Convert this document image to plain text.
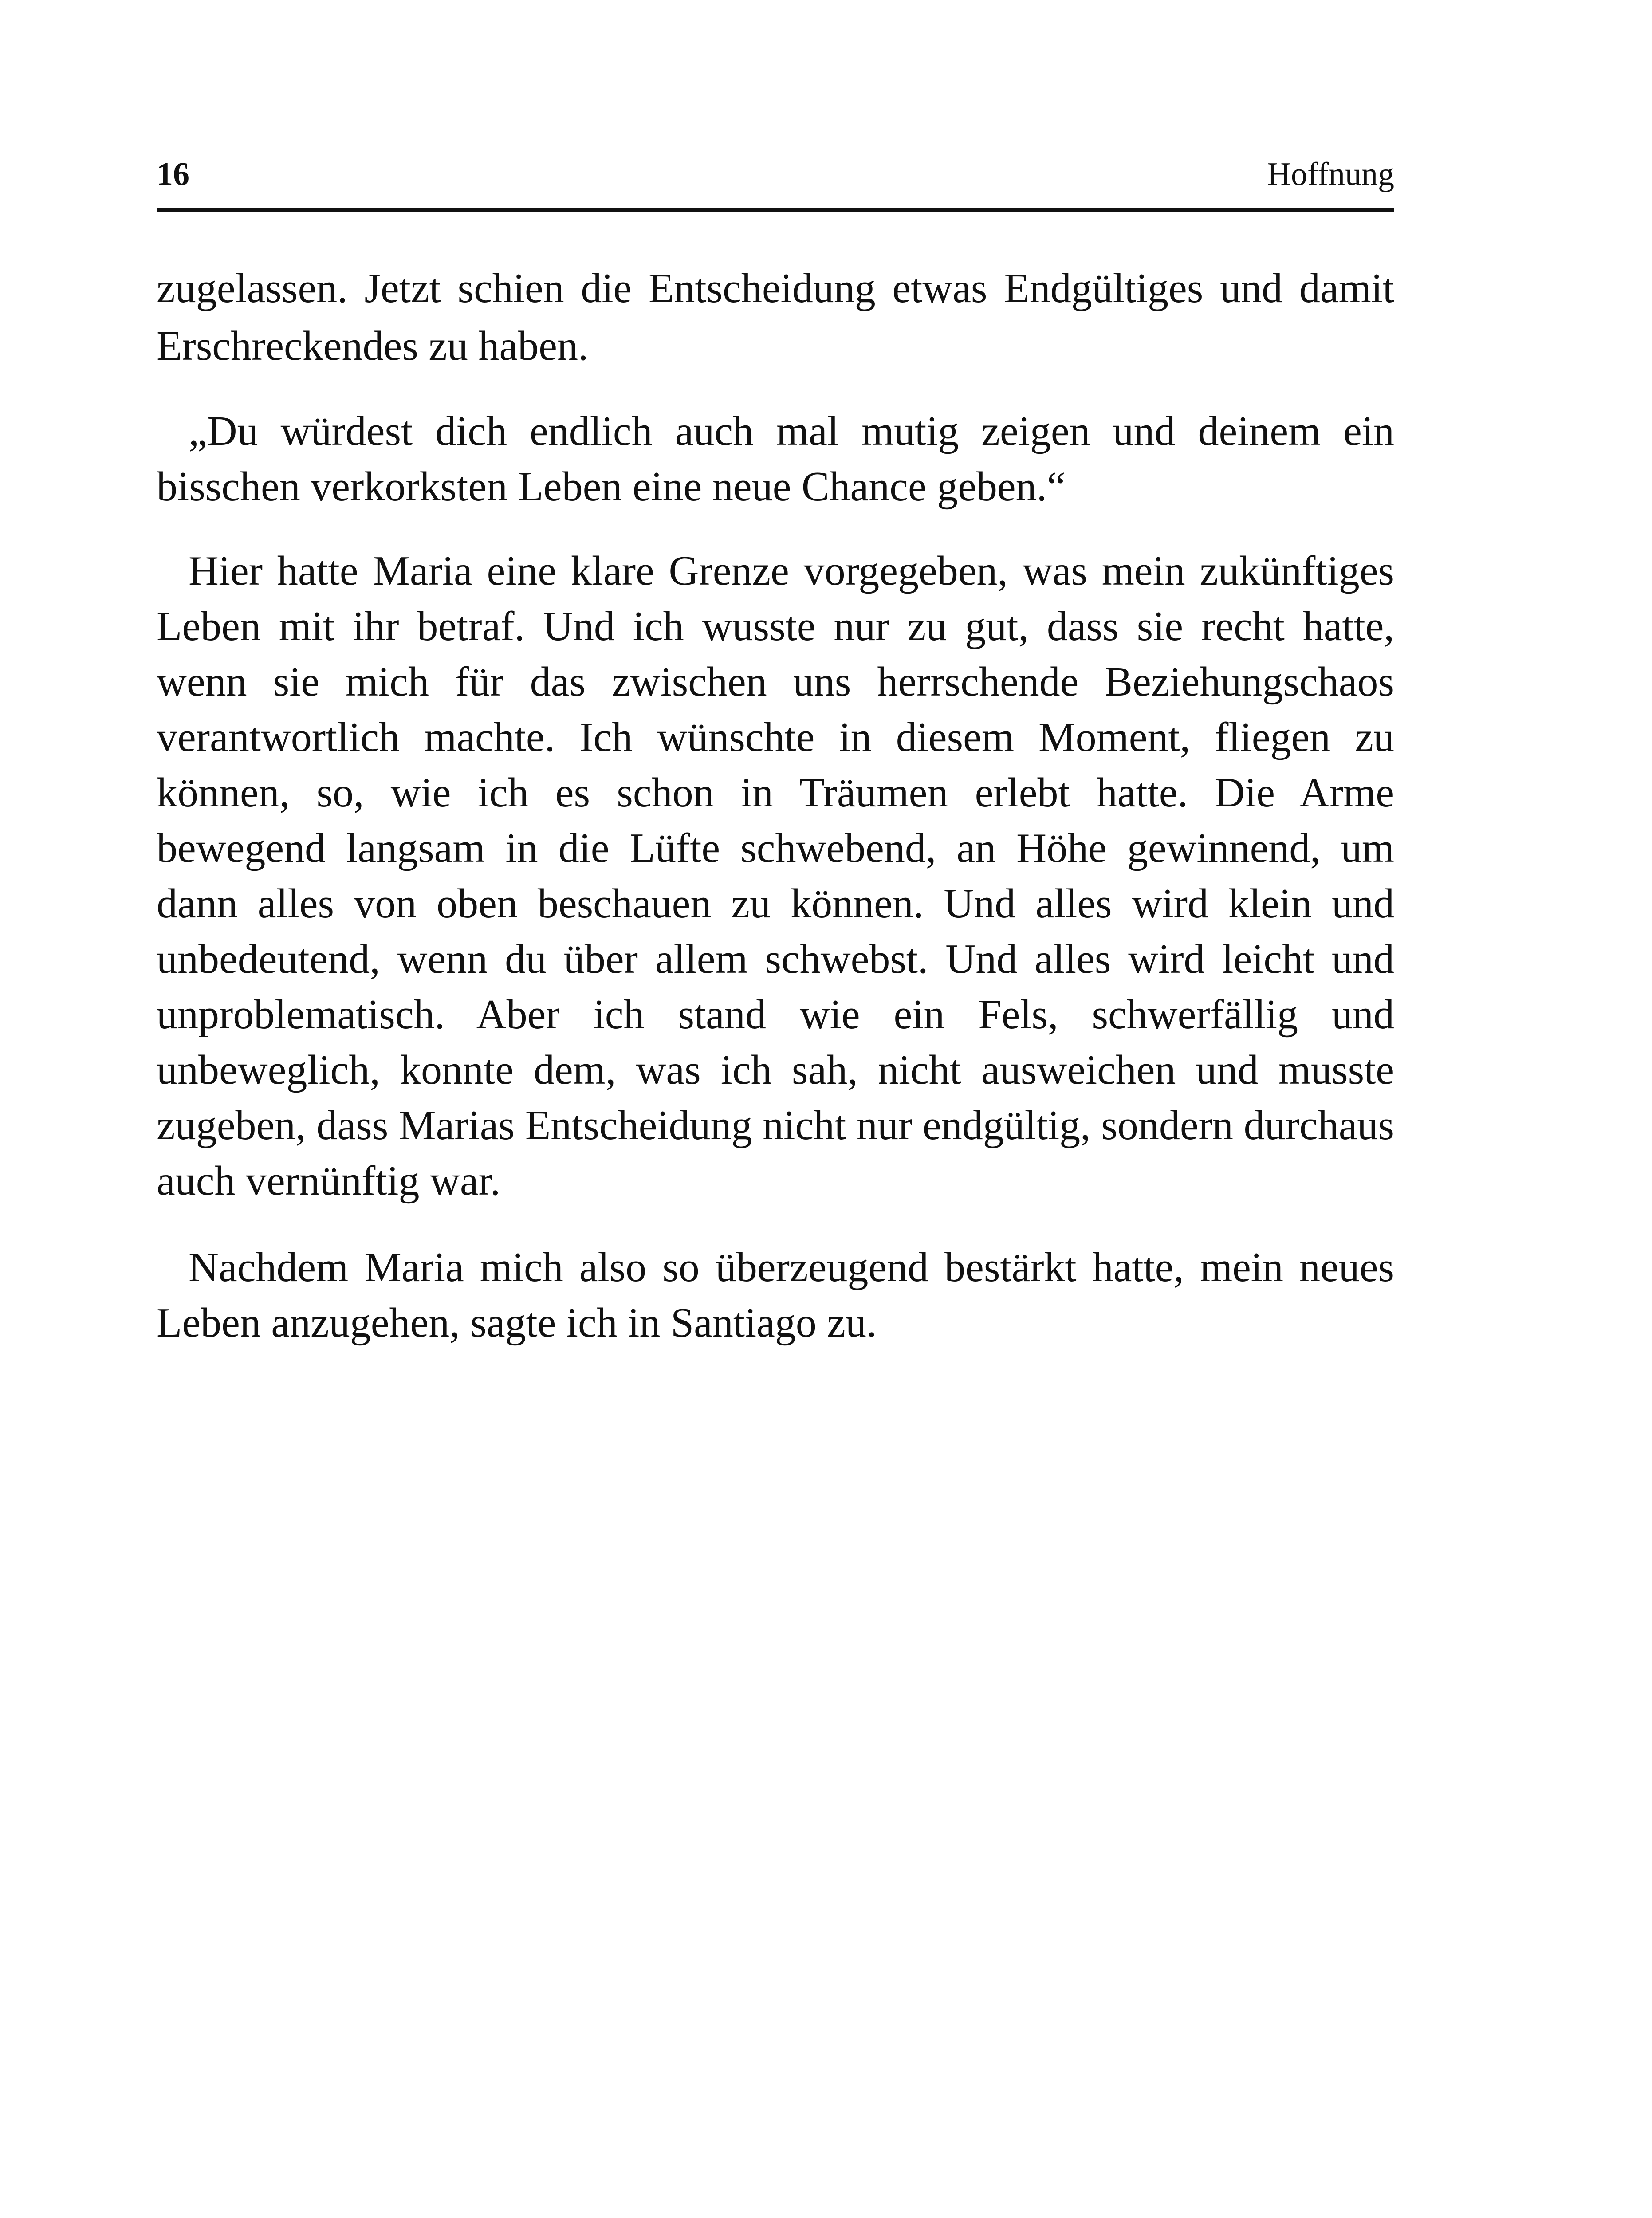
16	Hoffnung

zugelassen. Jetzt schien die Entscheidung etwas Endgültiges und damit Erschreckendes zu haben.

„Du würdest dich endlich auch mal mutig zeigen und deinem ein bisschen verkorksten Leben eine neue Chance geben.“

Hier hatte Maria eine klare Grenze vorgegeben, was mein zukünftiges Leben mit ihr betraf. Und ich wusste nur zu gut, dass sie recht hatte, wenn sie mich für das zwischen uns herrschende Beziehungschaos verantwortlich machte. Ich wünschte in diesem Moment, fliegen zu können, so, wie ich es schon in Träumen erlebt hatte. Die Arme bewegend langsam in die Lüfte schwebend, an Höhe gewinnend, um dann alles von oben beschauen zu können. Und alles wird klein und unbedeutend, wenn du über allem schwebst. Und alles wird leicht und unproblematisch. Aber ich stand wie ein Fels, schwerfällig und unbeweglich, konnte dem, was ich sah, nicht ausweichen und musste zugeben, dass Marias Entscheidung nicht nur endgültig, sondern durchaus auch vernünftig war.

Nachdem Maria mich also so überzeugend bestärkt hatte, mein neues Leben anzugehen, sagte ich in Santiago zu.
